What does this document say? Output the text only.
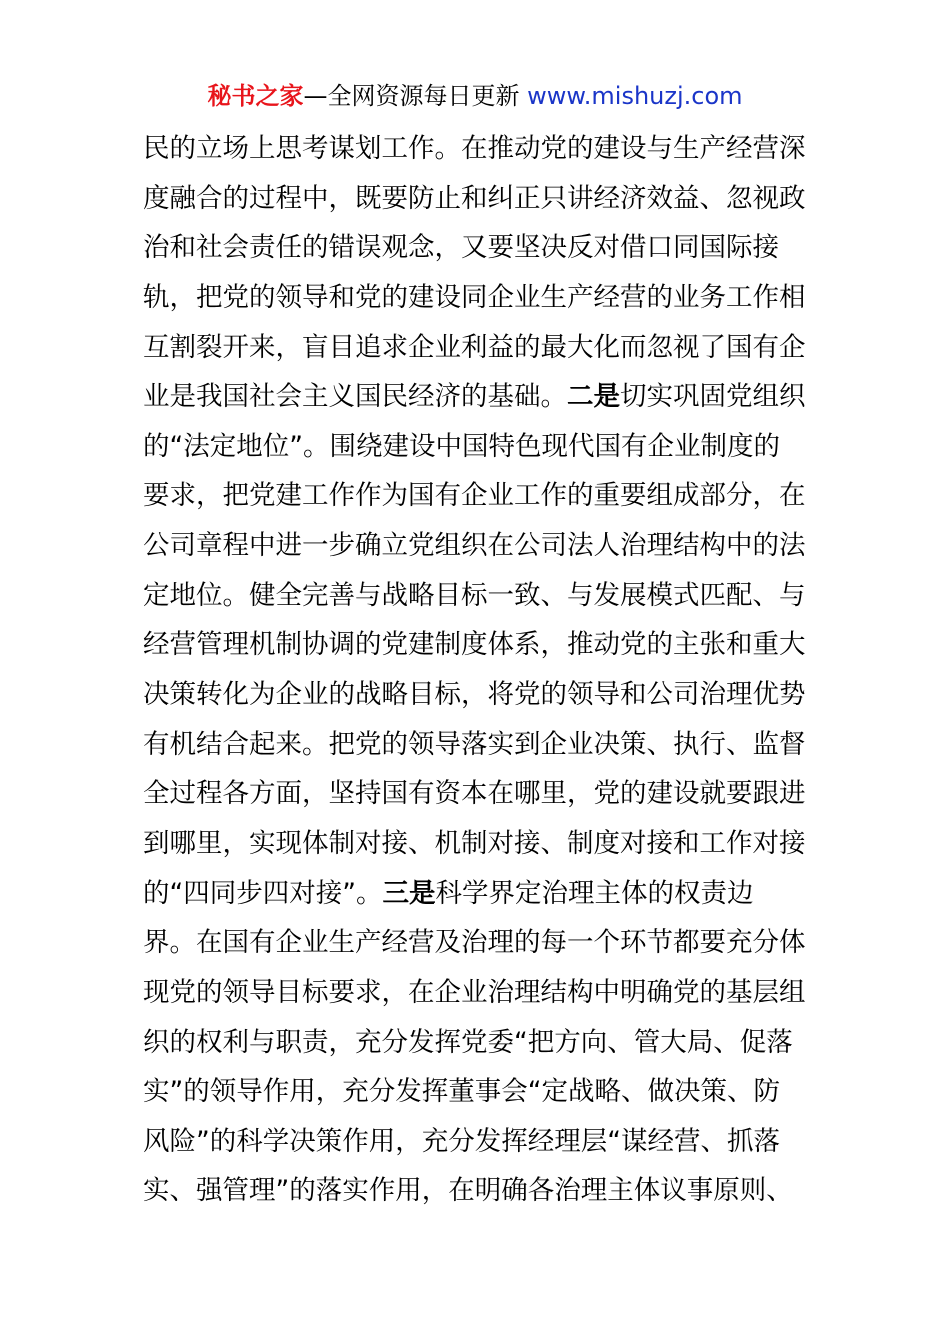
秘书之家—全网资源每日更新 www.mishuzj.com
民的立场上思考谋划工作。在推动党的建设与生产经营深
度融合的过程中，既要防止和纠正只讲经济效益、忽视政
治和社会责任的错误观念，又要坚决反对借口同国际接
轨，把党的领导和党的建设同企业生产经营的业务工作相
互割裂开来，盲目追求企业利益的最大化而忽视了国有企
业是我国社会主义国民经济的基础。二是切实巩固党组织
的“法定地位”。围绕建设中国特色现代国有企业制度的
要求，把党建工作作为国有企业工作的重要组成部分，在
公司章程中进一步确立党组织在公司法人治理结构中的法
定地位。健全完善与战略目标一致、与发展模式匹配、与
经营管理机制协调的党建制度体系，推动党的主张和重大
决策转化为企业的战略目标，将党的领导和公司治理优势
有机结合起来。把党的领导落实到企业决策、执行、监督
全过程各方面，坚持国有资本在哪里，党的建设就要跟进
到哪里，实现体制对接、机制对接、制度对接和工作对接
的“四同步四对接”。三是科学界定治理主体的权责边
界。在国有企业生产经营及治理的每一个环节都要充分体
现党的领导目标要求，在企业治理结构中明确党的基层组
织的权利与职责，充分发挥党委“把方向、管大局、促落
实”的领导作用，充分发挥董事会“定战略、做决策、防
风险”的科学决策作用，充分发挥经理层“谋经营、抓落
实、强管理”的落实作用，在明确各治理主体议事原则、
